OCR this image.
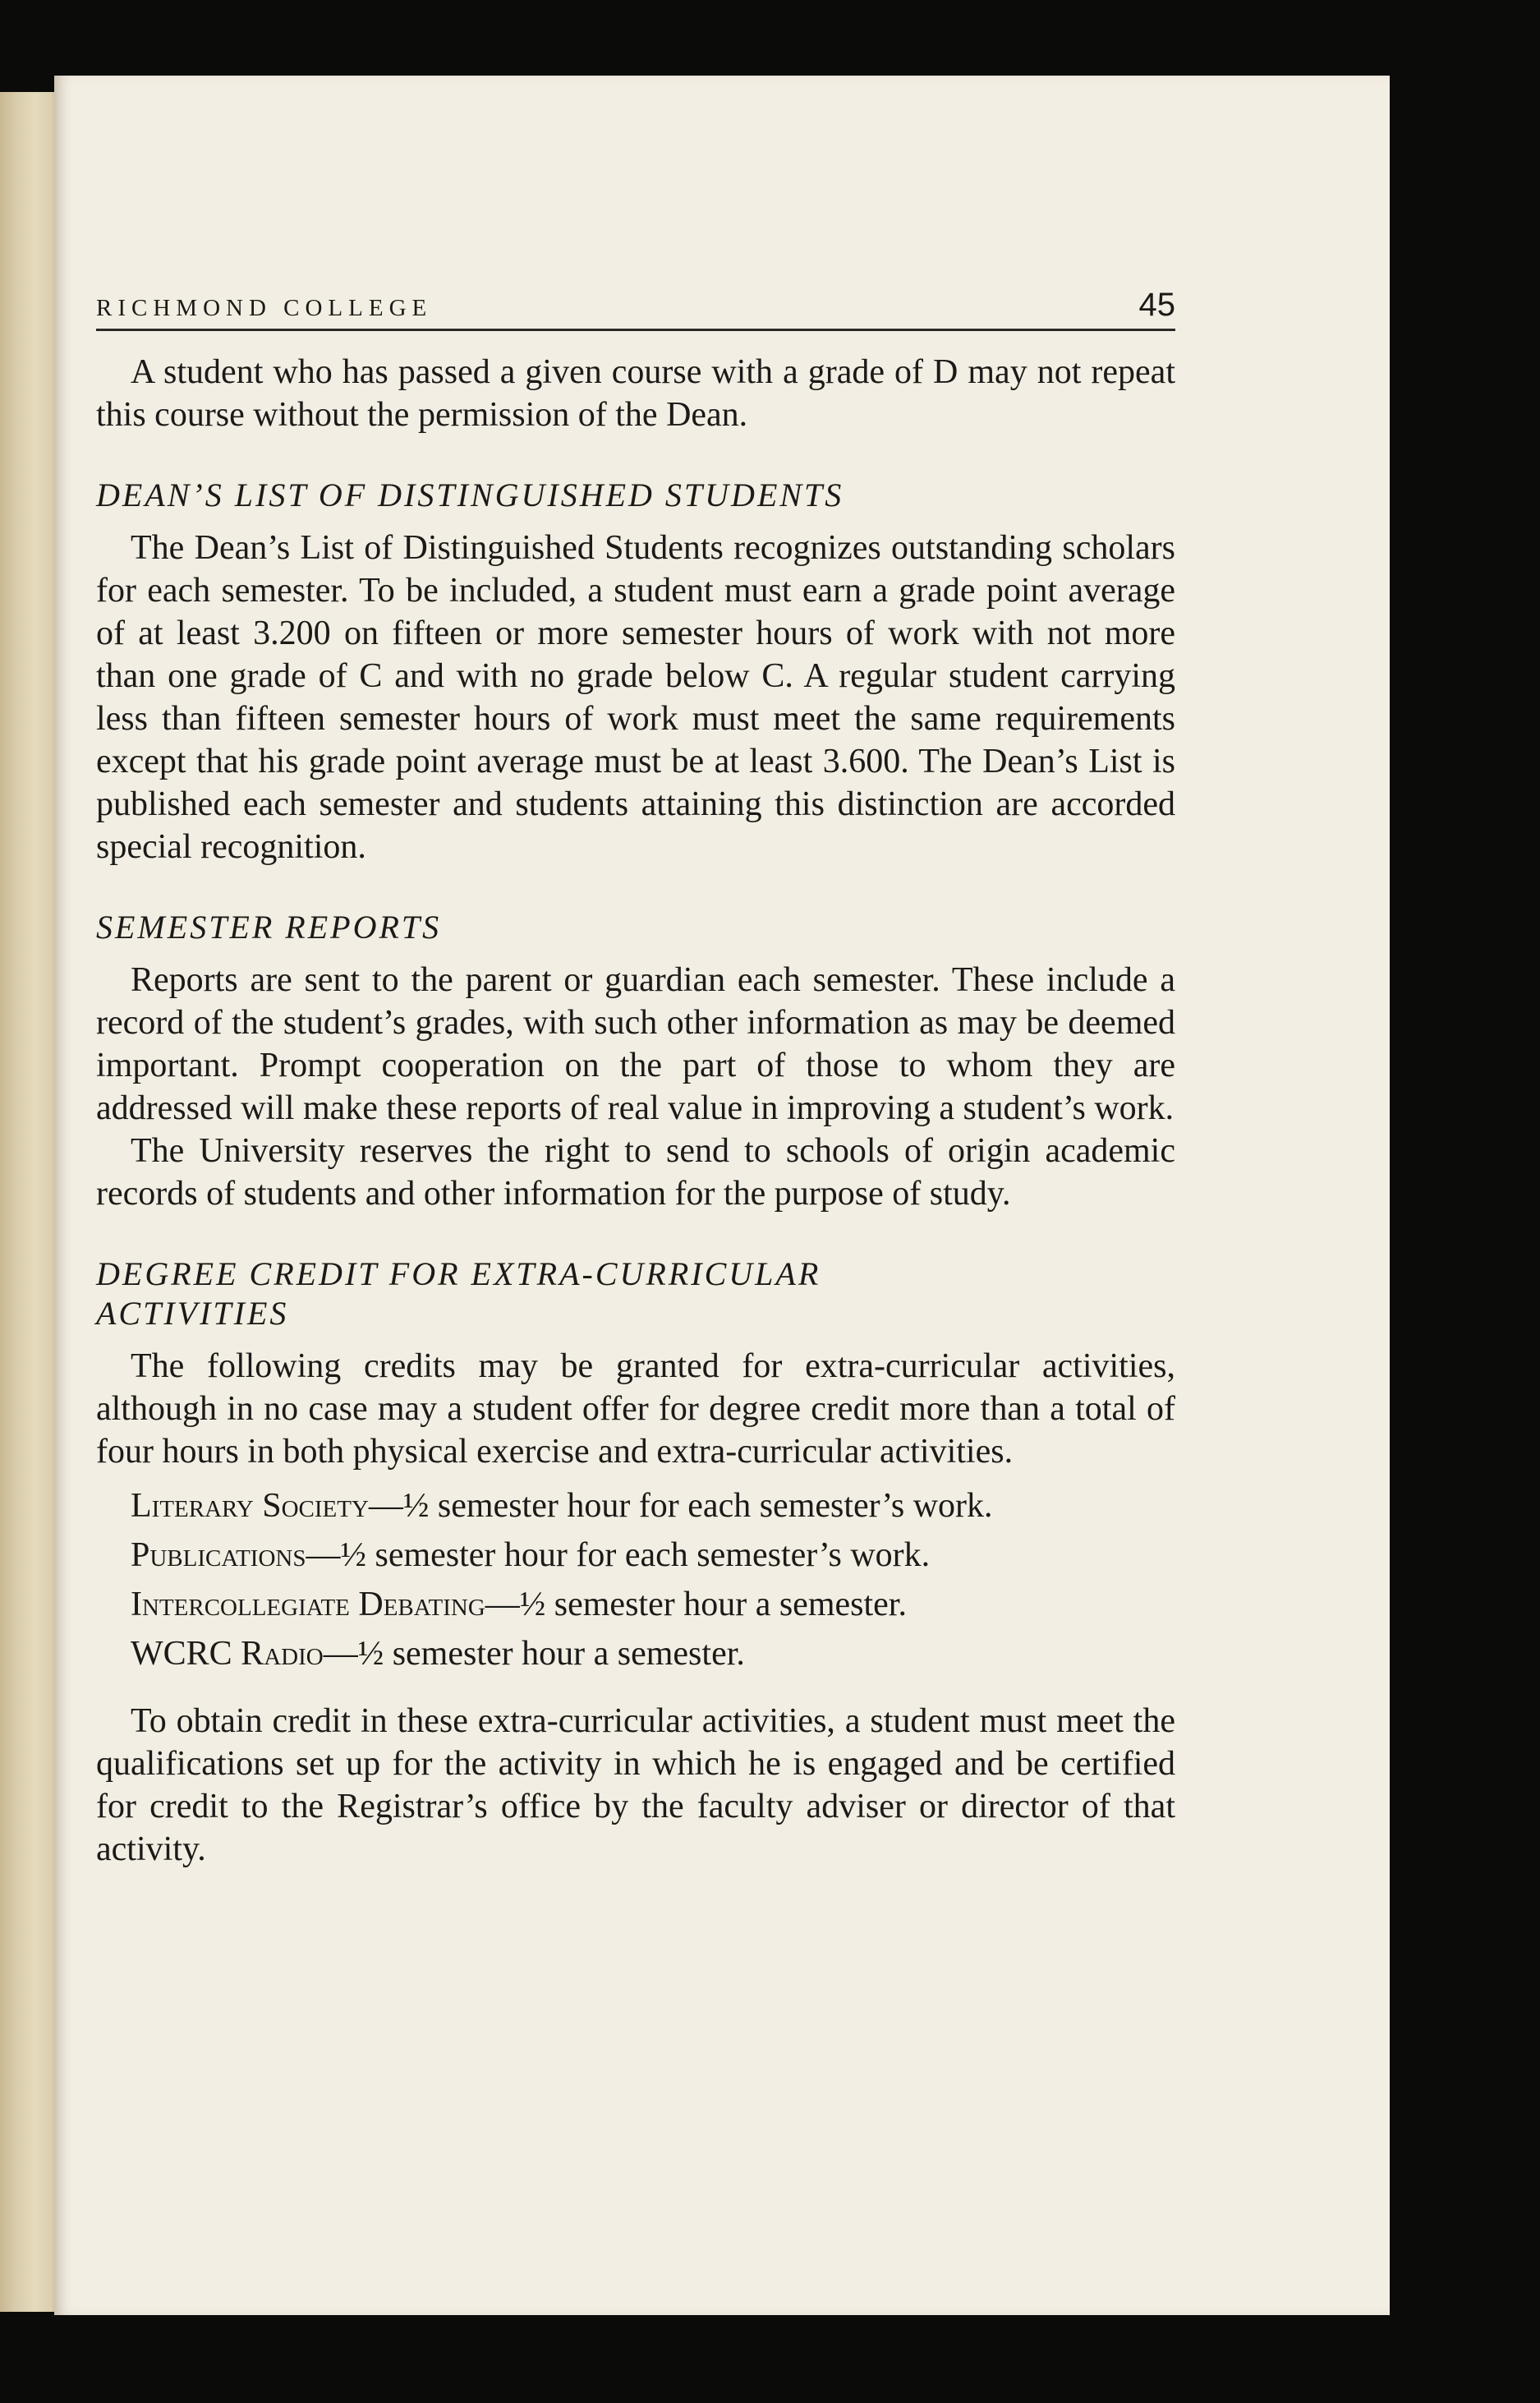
RICHMOND COLLEGE	45

A student who has passed a given course with a grade of D may not repeat this course without the permission of the Dean.

DEAN’S LIST OF DISTINGUISHED STUDENTS

The Dean’s List of Distinguished Students recognizes outstanding scholars for each semester. To be included, a student must earn a grade point average of at least 3.200 on fifteen or more semester hours of work with not more than one grade of C and with no grade below C. A regular student carrying less than fifteen semester hours of work must meet the same requirements except that his grade point average must be at least 3.600. The Dean’s List is published each semester and students attaining this distinction are accorded special recognition.

SEMESTER REPORTS

Reports are sent to the parent or guardian each semester. These include a record of the student’s grades, with such other information as may be deemed important. Prompt cooperation on the part of those to whom they are addressed will make these reports of real value in improving a student’s work.

The University reserves the right to send to schools of origin academic records of students and other information for the purpose of study.

DEGREE CREDIT FOR EXTRA-CURRICULAR ACTIVITIES

The following credits may be granted for extra-curricular activities, although in no case may a student offer for degree credit more than a total of four hours in both physical exercise and extra-curricular activities.

Literary Society—½ semester hour for each semester’s work.
Publications—½ semester hour for each semester’s work.
Intercollegiate Debating—½ semester hour a semester.
WCRC Radio—½ semester hour a semester.

To obtain credit in these extra-curricular activities, a student must meet the qualifications set up for the activity in which he is engaged and be certified for credit to the Registrar’s office by the faculty adviser or director of that activity.
